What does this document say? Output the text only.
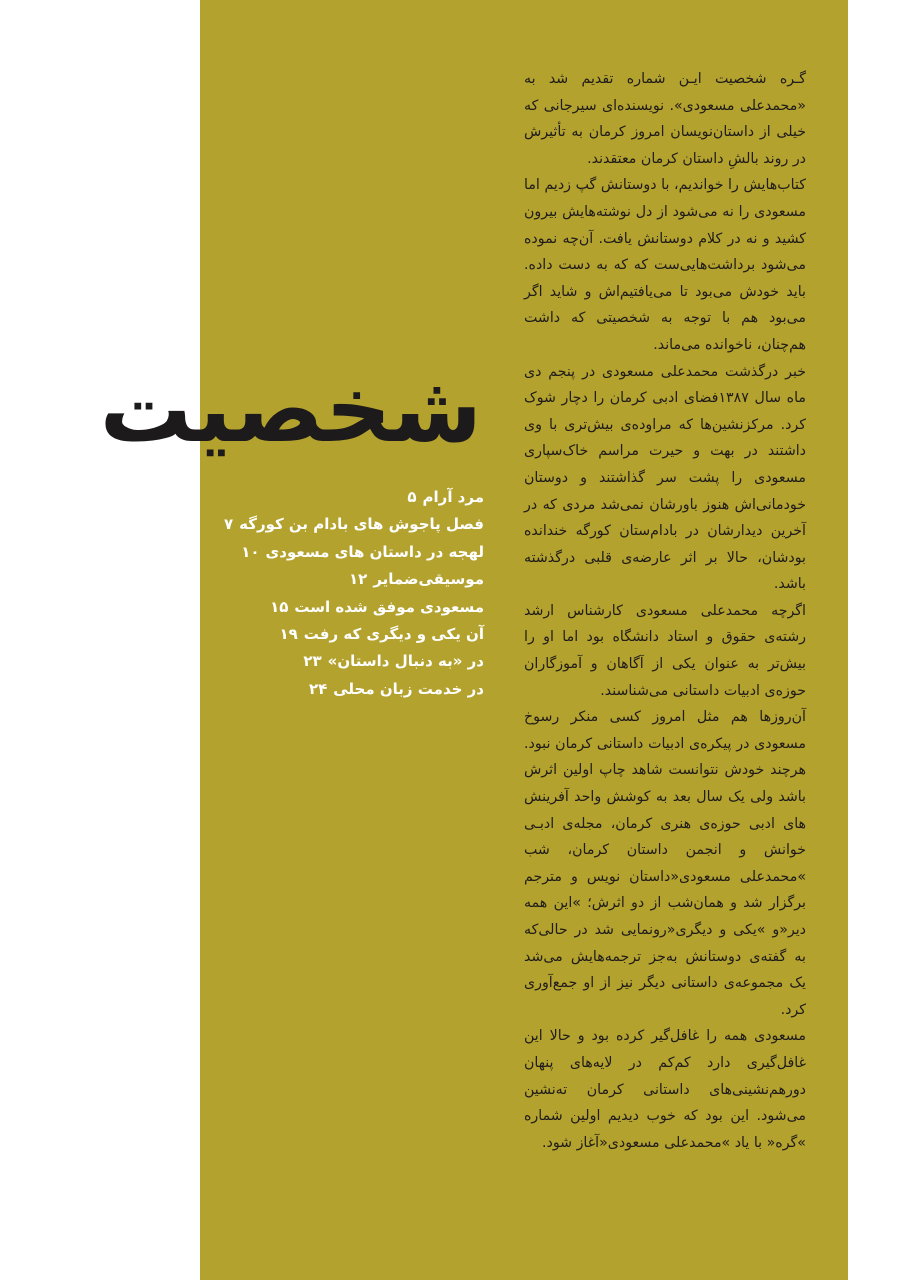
شخصیت
مرد آرام۵
فصل پاجوش های بادام بن کورگه۷
لهجه در داستان های مسعودی۱۰
موسیقی‌ضمایر۱۲
مسعودی موفق شده است۱۵
آن یکی و دیگری که رفت۱۹
در «به دنبال داستان»۲۳
در خدمت زبان محلی۲۴

گـره شخصیت ایـن شماره تقدیم شد به «محمدعلی مسعودی». نویسنده‌ای سیرجانی که خیلی از داستان‌نویسان امروز کرمان به تأثیرش در روند بالشِ داستان کرمان معتقدند.

کتاب‌هایش را خواندیم، با دوستانش گپ زدیم اما مسعودی را نه می‌شود از دل نوشته‌هایش بیرون کشید و نه در کلام دوستانش یافت. آن‌چه نموده می‌شود برداشت‌هایی‌ست که که به دست داده. باید خودش می‌بود تا می‌یافتیم‌اش و شاید اگر می‌بود هم با توجه به شخصیتی که داشت هم‌چنان، ناخوانده می‌ماند.

خبر درگذشت محمدعلی مسعودی در پنجم دی ماه سال ۱۳۸۷فضای ادبی کرمان را دچار شوک کرد. مرکزنشین‌ها که مراوده‌ی بیش‌تری با وی داشتند در بهت و حیرت مراسم خاک‌سپاری مسعودی را پشت سر گذاشتند و دوستان خودمانی‌اش هنوز باورشان نمی‌شد مردی که در آخرین دیدارشان در بادام‌ستان کورگه خندانده بودشان، حالا بر اثر عارضه‌ی قلبی درگذشته باشد.

اگرچه محمدعلی مسعودی کارشناس ارشد رشته‌ی حقوق و استاد دانشگاه بود اما او را بیش‌تر به عنوان یکی از آگاهان و آموزگاران حوزه‌ی ادبیات داستانی می‌شناسند.

آن‌روزها هم مثل امروز کسی منکر رسوخ مسعودی در پیکره‌ی ادبیات داستانی کرمان نبود. هرچند خودش نتوانست شاهد چاپ اولین اثرش باشد ولی یک سال بعد به کوشش واحد آفرینش های ادبی حوزه‌ی هنری کرمان، مجله‌ی ادبـی خوانش و انجمن داستان کرمان، شب »محمدعلی مسعودی«داستان نویس و مترجم برگزار شد و همان‌شب از دو اثرش؛ »این همه دیر«و »یکی و دیگری«رونمایی شد در حالی‌که به گفته‌ی دوستانش به‌جز ترجمه‌هایش می‌شد یک مجموعه‌ی داستانی دیگر نیز از او جمع‌آوری کرد.

مسعودی همه را غافل‌گیر کرده بود و حالا این غافل‌گیری دارد کم‌کم در لایه‌های پنهان دورهم‌نشینی‌های داستانی کرمان ته‌نشین می‌شود. این بود که خوب دیدیم اولین شماره »گره« با یاد »محمدعلی مسعودی«آغاز شود.
